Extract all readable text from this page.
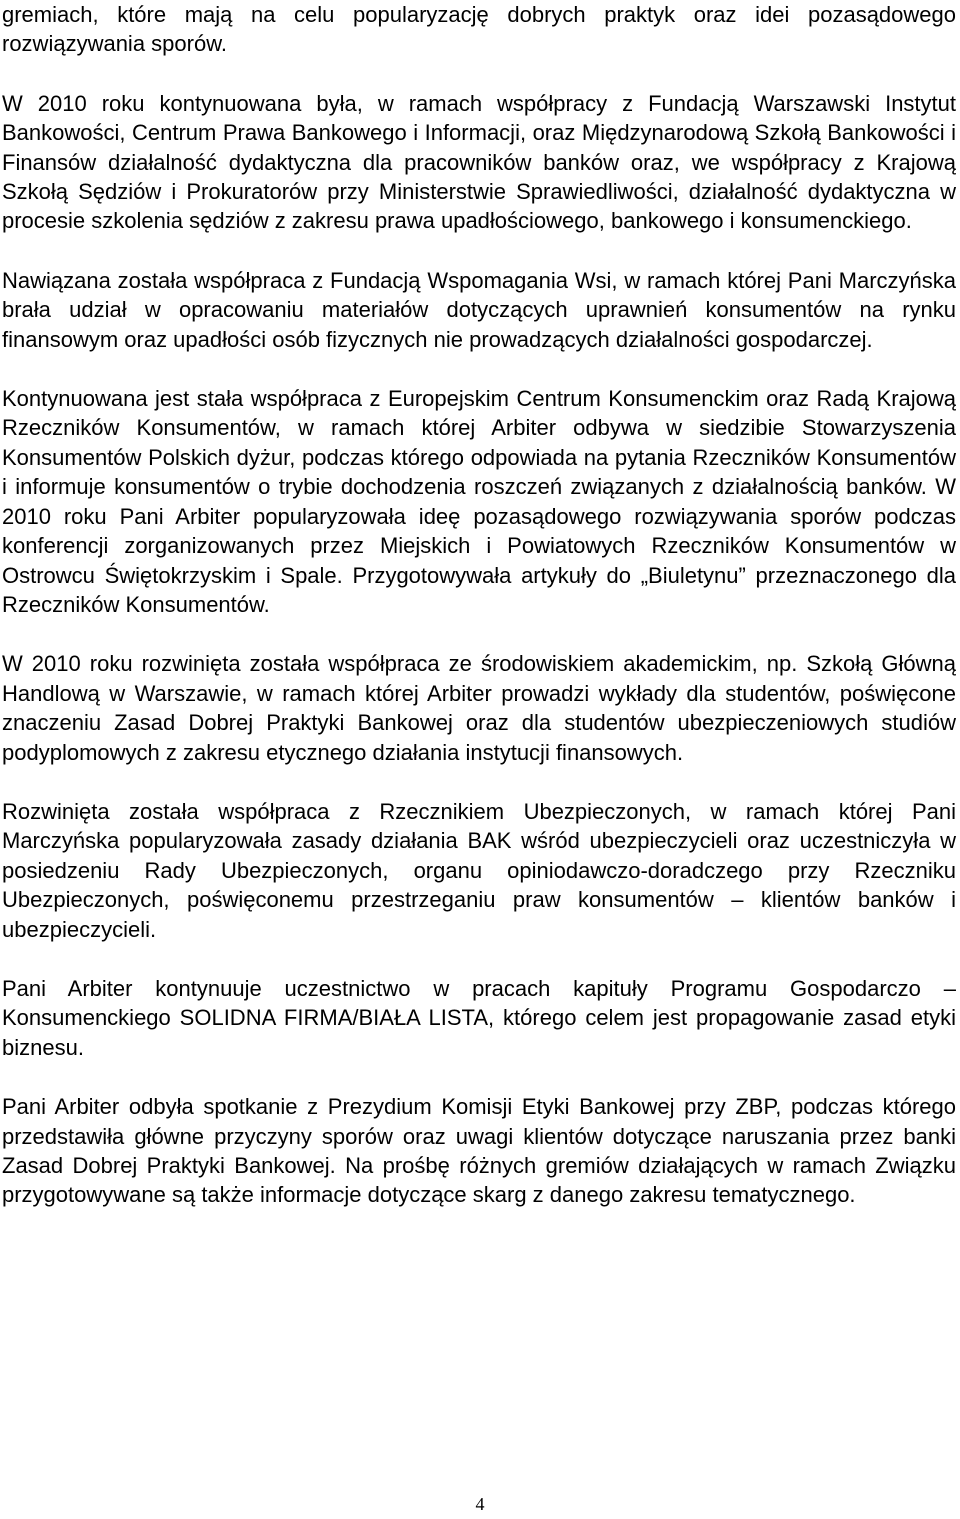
gremiach, które mają na celu popularyzację dobrych praktyk oraz idei pozasądowego rozwiązywania sporów.

W 2010 roku kontynuowana była, w ramach współpracy z Fundacją Warszawski Instytut Bankowości, Centrum Prawa Bankowego i Informacji, oraz Międzynarodową Szkołą Bankowości i Finansów działalność dydaktyczna dla pracowników banków oraz, we współpracy z Krajową Szkołą Sędziów i Prokuratorów przy Ministerstwie Sprawiedliwości, działalność dydaktyczna w procesie szkolenia sędziów z zakresu prawa upadłościowego, bankowego i konsumenckiego.

Nawiązana została współpraca z Fundacją Wspomagania Wsi, w ramach której Pani Marczyńska brała udział w opracowaniu materiałów dotyczących uprawnień konsumentów na rynku finansowym oraz upadłości osób fizycznych nie prowadzących działalności gospodarczej.

Kontynuowana jest stała współpraca z Europejskim Centrum Konsumenckim oraz Radą Krajową Rzeczników Konsumentów, w ramach której Arbiter odbywa w siedzibie Stowarzyszenia Konsumentów Polskich dyżur, podczas którego odpowiada na pytania Rzeczników Konsumentów i informuje konsumentów o trybie dochodzenia roszczeń związanych z działalnością banków. W 2010 roku Pani Arbiter popularyzowała ideę pozasądowego rozwiązywania sporów podczas konferencji zorganizowanych przez Miejskich i Powiatowych Rzeczników Konsumentów w Ostrowcu Świętokrzyskim i Spale. Przygotowywała artykuły do „Biuletynu” przeznaczonego dla Rzeczników Konsumentów.

W 2010 roku rozwinięta została współpraca ze środowiskiem akademickim, np. Szkołą Główną Handlową w Warszawie, w ramach której Arbiter prowadzi wykłady dla studentów, poświęcone znaczeniu Zasad Dobrej Praktyki Bankowej oraz dla studentów ubezpieczeniowych studiów podyplomowych z zakresu etycznego działania instytucji finansowych.

Rozwinięta została współpraca z Rzecznikiem Ubezpieczonych, w ramach której Pani Marczyńska popularyzowała zasady działania BAK wśród ubezpieczycieli oraz uczestniczyła w posiedzeniu Rady Ubezpieczonych, organu opiniodawczo-doradczego przy Rzeczniku Ubezpieczonych, poświęconemu przestrzeganiu praw konsumentów – klientów banków i ubezpieczycieli.

Pani Arbiter kontynuuje uczestnictwo w pracach kapituły Programu Gospodarczo – Konsumenckiego SOLIDNA FIRMA/BIAŁA LISTA, którego celem jest propagowanie zasad etyki biznesu.

Pani Arbiter odbyła spotkanie z Prezydium Komisji Etyki Bankowej przy ZBP, podczas którego przedstawiła główne przyczyny sporów oraz uwagi klientów dotyczące naruszania przez banki Zasad Dobrej Praktyki Bankowej. Na prośbę różnych gremiów działających w ramach Związku przygotowywane są także informacje dotyczące skarg z danego zakresu tematycznego.

4
